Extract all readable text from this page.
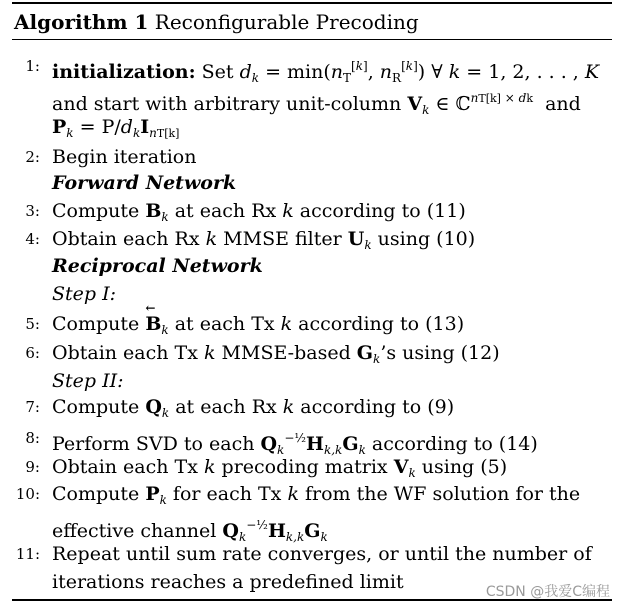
Algorithm 1 Reconfigurable Precoding
1: initialization: Set $d_k = \min(n_T[k]$, $n_R[k]$) ∀ k = 1, 2, . . . , K
and start with arbitrary unit-column $V_k$ ∈ ℂ$^{nT[k] \times dk}$  and
$P_k = P/d_kI_{nT[k]}$
2: Begin iteration
Forward Network
3: Compute $B_k$ at each Rx k according to (11)
4: Obtain each Rx k MMSE filter $U_k$ using (10)
Reciprocal Network
Step I:
5: Compute ← $B_k$ at each Tx k according to (13)
6: Obtain each Tx k MMSE-based $G_k’s$ using (12)
Step II:
7: Compute $Q_k$ at each Rx k according to (9)
8: Perform SVD to each $Q_k^{-\frac{1}{2}}H_{k,k}G_k$ according to (14)
9: Obtain each Tx k precoding matrix $V_k$ using (5)
10: Compute $P_k$ for each Tx k from the WF solution for the
effective channel $Q_k^{-\frac{1}{2}}H_{k,k}G_k$
11: Repeat until sum rate converges, or until the number of
iterations reaches a predefined limit	CSDN @我爱C编程
